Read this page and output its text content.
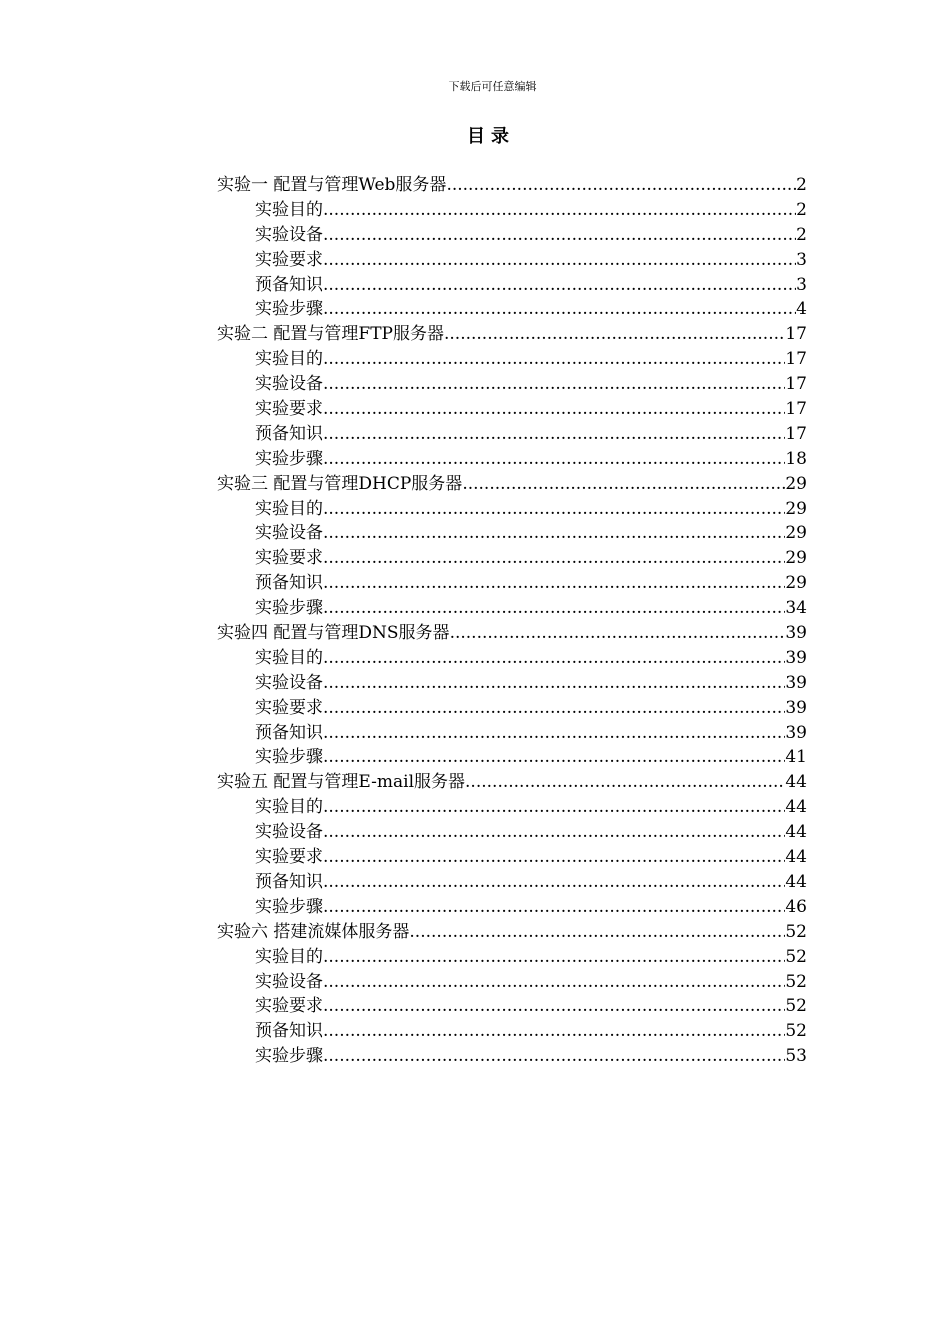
下载后可任意编辑
目录
实验一 配置与管理Web服务器 .....	2
实验目的 .....	2
实验设备 .....	2
实验要求 .....	3
预备知识 .....	3
实验步骤 .....	4
实验二 配置与管理FTP服务器 .....	17
实验目的 .....	17
实验设备 .....	17
实验要求 .....	17
预备知识 .....	17
实验步骤 .....	18
实验三 配置与管理DHCP服务器 .....	29
实验目的 .....	29
实验设备 .....	29
实验要求 .....	29
预备知识 .....	29
实验步骤 .....	34
实验四 配置与管理DNS服务器 .....	39
实验目的 .....	39
实验设备 .....	39
实验要求 .....	39
预备知识 .....	39
实验步骤 .....	41
实验五 配置与管理E-mail服务器 .....	44
实验目的 .....	44
实验设备 .....	44
实验要求 .....	44
预备知识 .....	44
实验步骤 .....	46
实验六 搭建流媒体服务器 .....	52
实验目的 .....	52
实验设备 .....	52
实验要求 .....	52
预备知识 .....	52
实验步骤 .....	53
